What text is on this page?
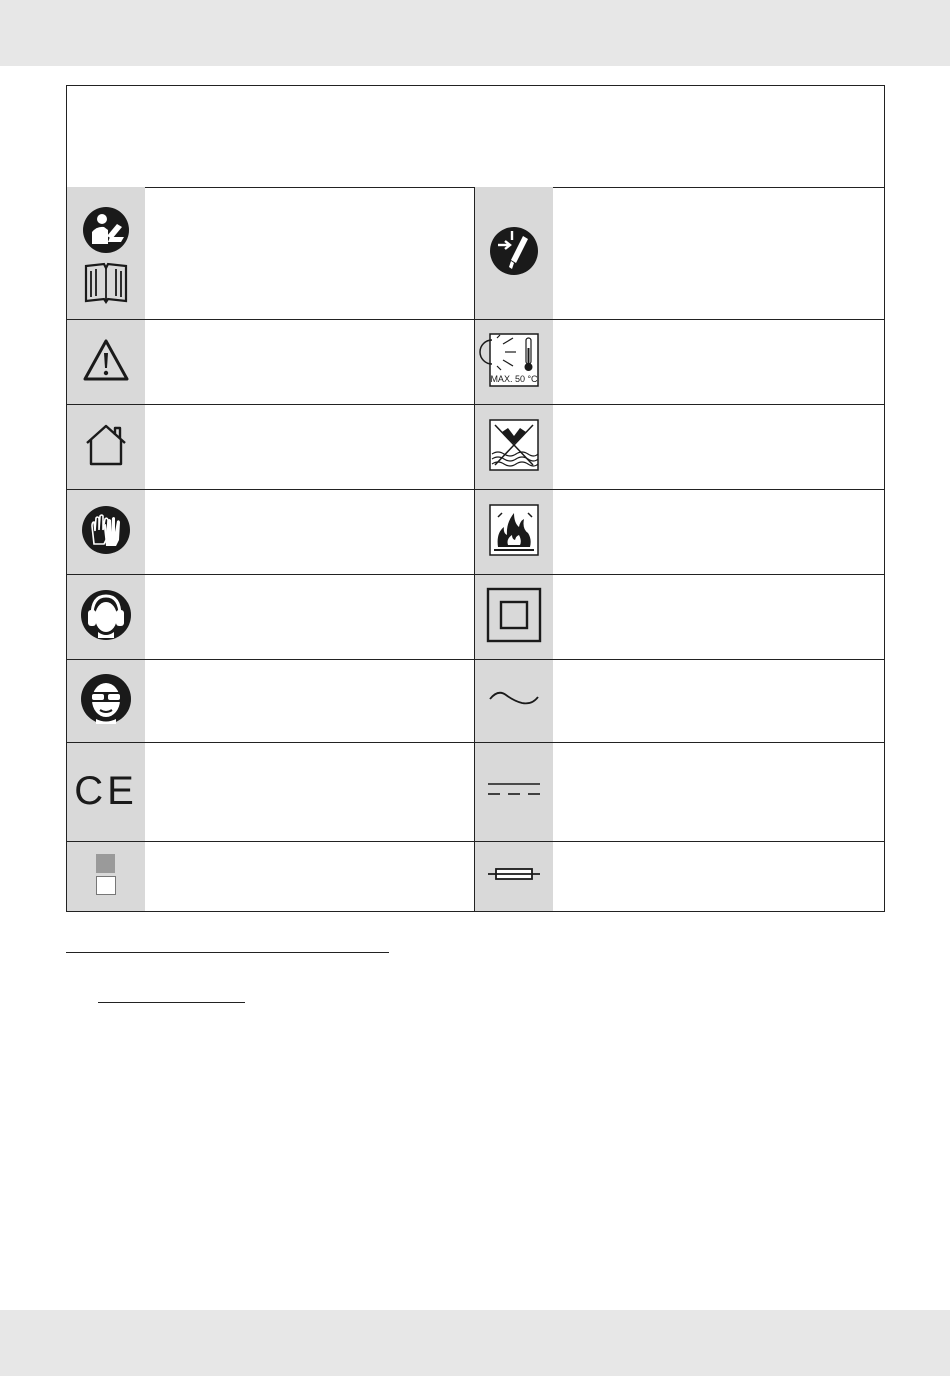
MAX. 50 °C
CE
